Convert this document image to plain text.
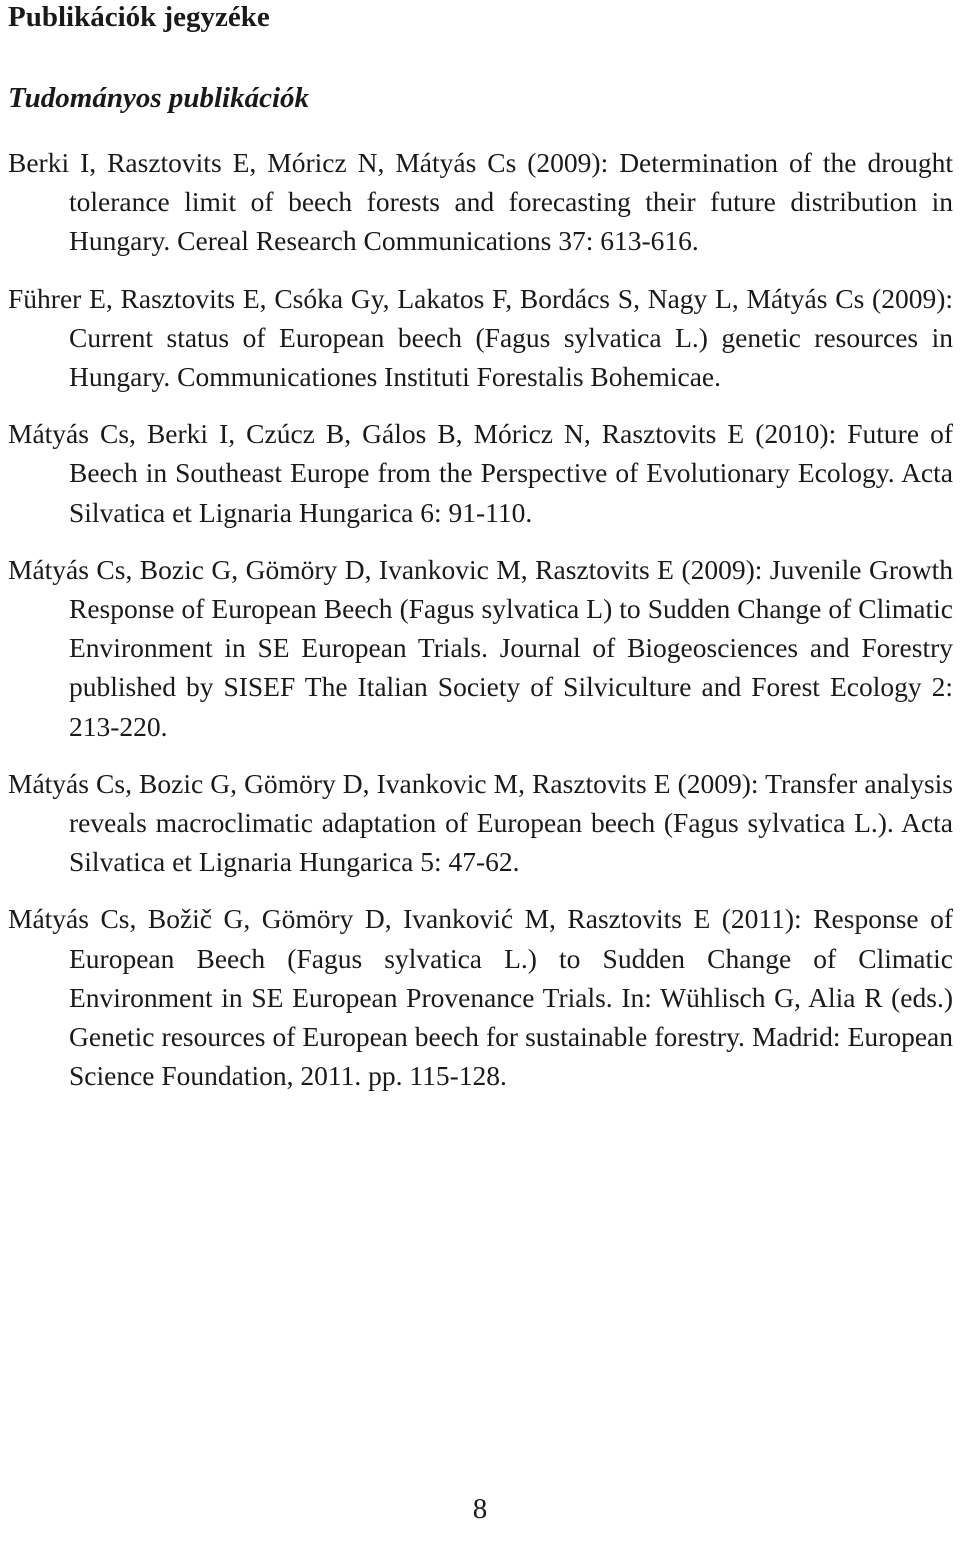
Publikációk jegyzéke
Tudományos publikációk
Berki I, Rasztovits E, Móricz N, Mátyás Cs (2009): Determination of the drought tolerance limit of beech forests and forecasting their future distribution in Hungary. Cereal Research Communications 37: 613-616.
Führer E, Rasztovits E, Csóka Gy, Lakatos F, Bordács S, Nagy L, Mátyás Cs (2009): Current status of European beech (Fagus sylvatica L.) genetic resources in Hungary. Communicationes Instituti Forestalis Bohemicae.
Mátyás Cs, Berki I, Czúcz B, Gálos B, Móricz N, Rasztovits E (2010): Future of Beech in Southeast Europe from the Perspective of Evolutionary Ecology. Acta Silvatica et Lignaria Hungarica 6: 91-110.
Mátyás Cs, Bozic G, Gömöry D, Ivankovic M, Rasztovits E (2009): Juvenile Growth Response of European Beech (Fagus sylvatica L) to Sudden Change of Climatic Environment in SE European Trials. Journal of Biogeosciences and Forestry published by SISEF The Italian Society of Silviculture and Forest Ecology 2: 213-220.
Mátyás Cs, Bozic G, Gömöry D, Ivankovic M, Rasztovits E (2009): Transfer analysis reveals macroclimatic adaptation of European beech (Fagus sylvatica L.). Acta Silvatica et Lignaria Hungarica 5: 47-62.
Mátyás Cs, Božič G, Gömöry D, Ivanković M, Rasztovits E (2011): Response of European Beech (Fagus sylvatica L.) to Sudden Change of Climatic Environment in SE European Provenance Trials. In: Wühlisch G, Alia R (eds.) Genetic resources of European beech for sustainable forestry. Madrid: European Science Foundation, 2011. pp. 115-128.
8
